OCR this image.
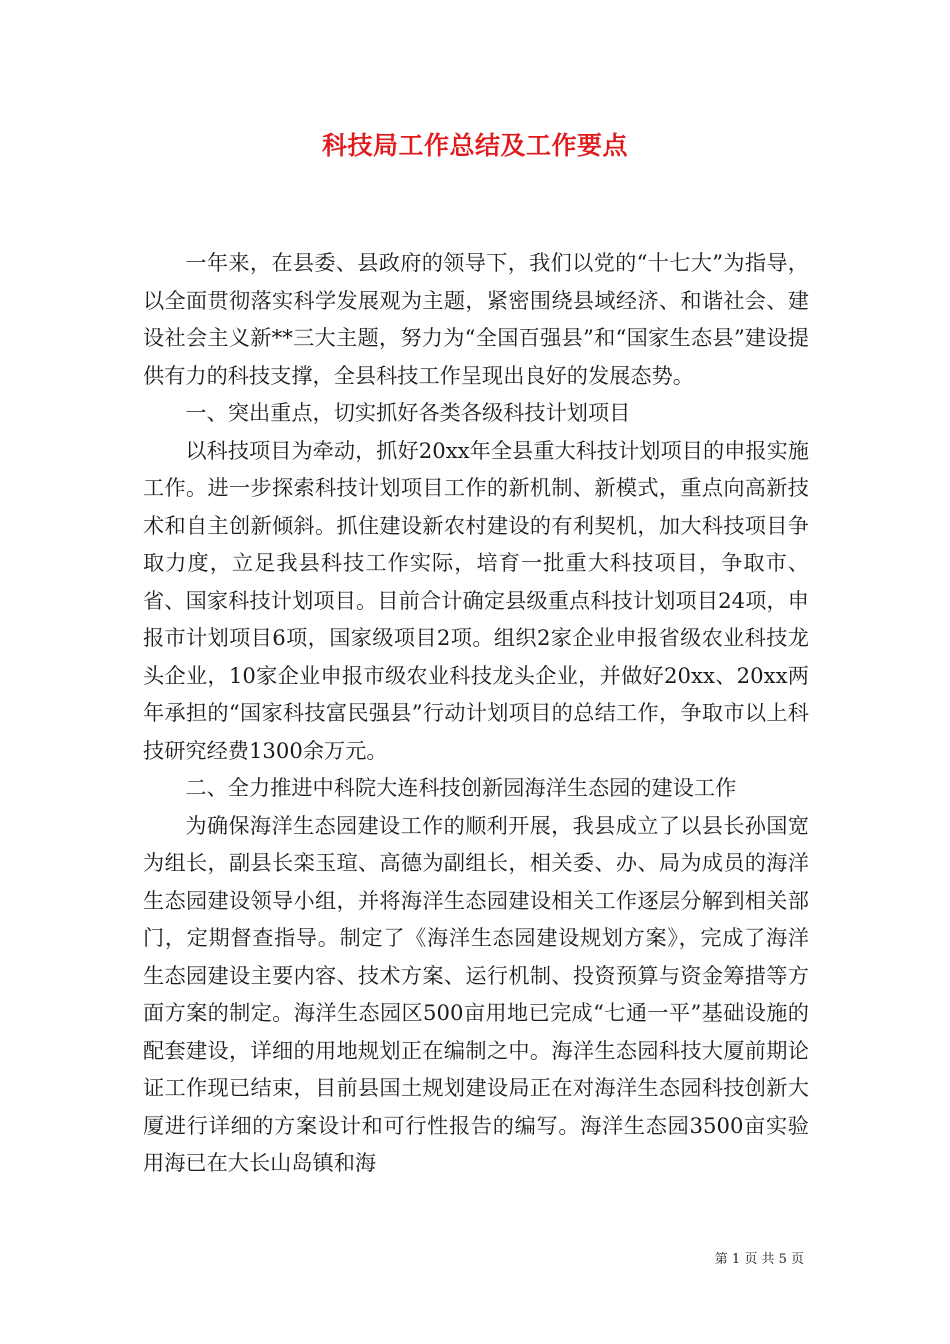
科技局工作总结及工作要点

一年来，在县委、县政府的领导下，我们以党的“十七大”为指导，以全面贯彻落实科学发展观为主题，紧密围绕县域经济、和谐社会、建设社会主义新**三大主题，努力为“全国百强县”和“国家生态县”建设提供有力的科技支撑，全县科技工作呈现出良好的发展态势。

一、突出重点，切实抓好各类各级科技计划项目

以科技项目为牵动，抓好20xx年全县重大科技计划项目的申报实施工作。进一步探索科技计划项目工作的新机制、新模式，重点向高新技术和自主创新倾斜。抓住建设新农村建设的有利契机，加大科技项目争取力度，立足我县科技工作实际，培育一批重大科技项目，争取市、省、国家科技计划项目。目前合计确定县级重点科技计划项目24项，申报市计划项目6项，国家级项目2项。组织2家企业申报省级农业科技龙头企业，10家企业申报市级农业科技龙头企业，并做好20xx、20xx两年承担的“国家科技富民强县”行动计划项目的总结工作，争取市以上科技研究经费1300余万元。

二、全力推进中科院大连科技创新园海洋生态园的建设工作

为确保海洋生态园建设工作的顺利开展，我县成立了以县长孙国宽为组长，副县长栾玉瑄、高德为副组长，相关委、办、局为成员的海洋生态园建设领导小组，并将海洋生态园建设相关工作逐层分解到相关部门，定期督查指导。制定了《海洋生态园建设规划方案》，完成了海洋生态园建设主要内容、技术方案、运行机制、投资预算与资金筹措等方面方案的制定。海洋生态园区500亩用地已完成“七通一平”基础设施的配套建设，详细的用地规划正在编制之中。海洋生态园科技大厦前期论证工作现已结束，目前县国土规划建设局正在对海洋生态园科技创新大厦进行详细的方案设计和可行性报告的编写。海洋生态园3500亩实验用海已在大长山岛镇和海

第 1 页 共 5 页
